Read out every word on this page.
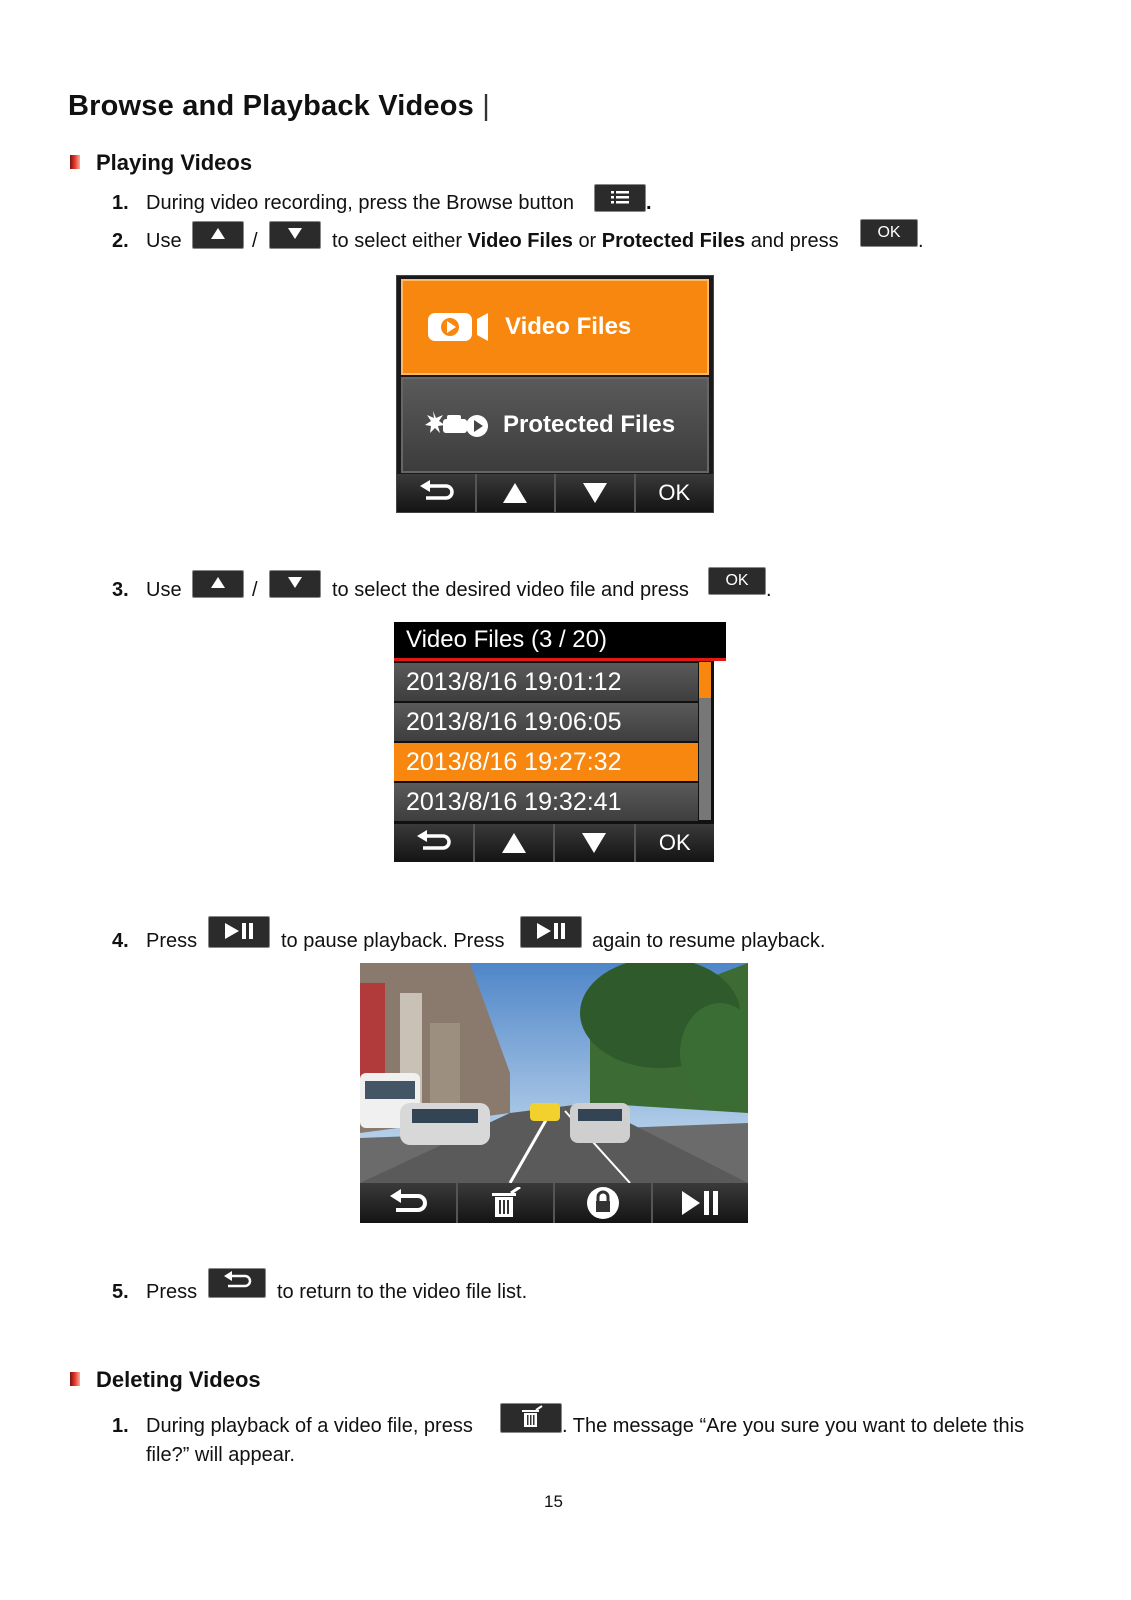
Browse and Playback Videos |
Playing Videos
1. During video recording, press the Browse button	.
2. Use	/	to select either Video Files or Protected Files and press	OK .
Video Files
Protected Files
OK
3. Use	/	to select the desired video file and press	OK .
Video Files (3 / 20)
2013/8/16 19:01:12
2013/8/16 19:06:05
2013/8/16 19:27:32
2013/8/16 19:32:41
OK
4. Press	to pause playback. Press	again to resume playback.
5. Press	to return to the video file list.
Deleting Videos
1. During playback of a video file, press	. The message “Are you sure you want to delete this
file?” will appear.
15
